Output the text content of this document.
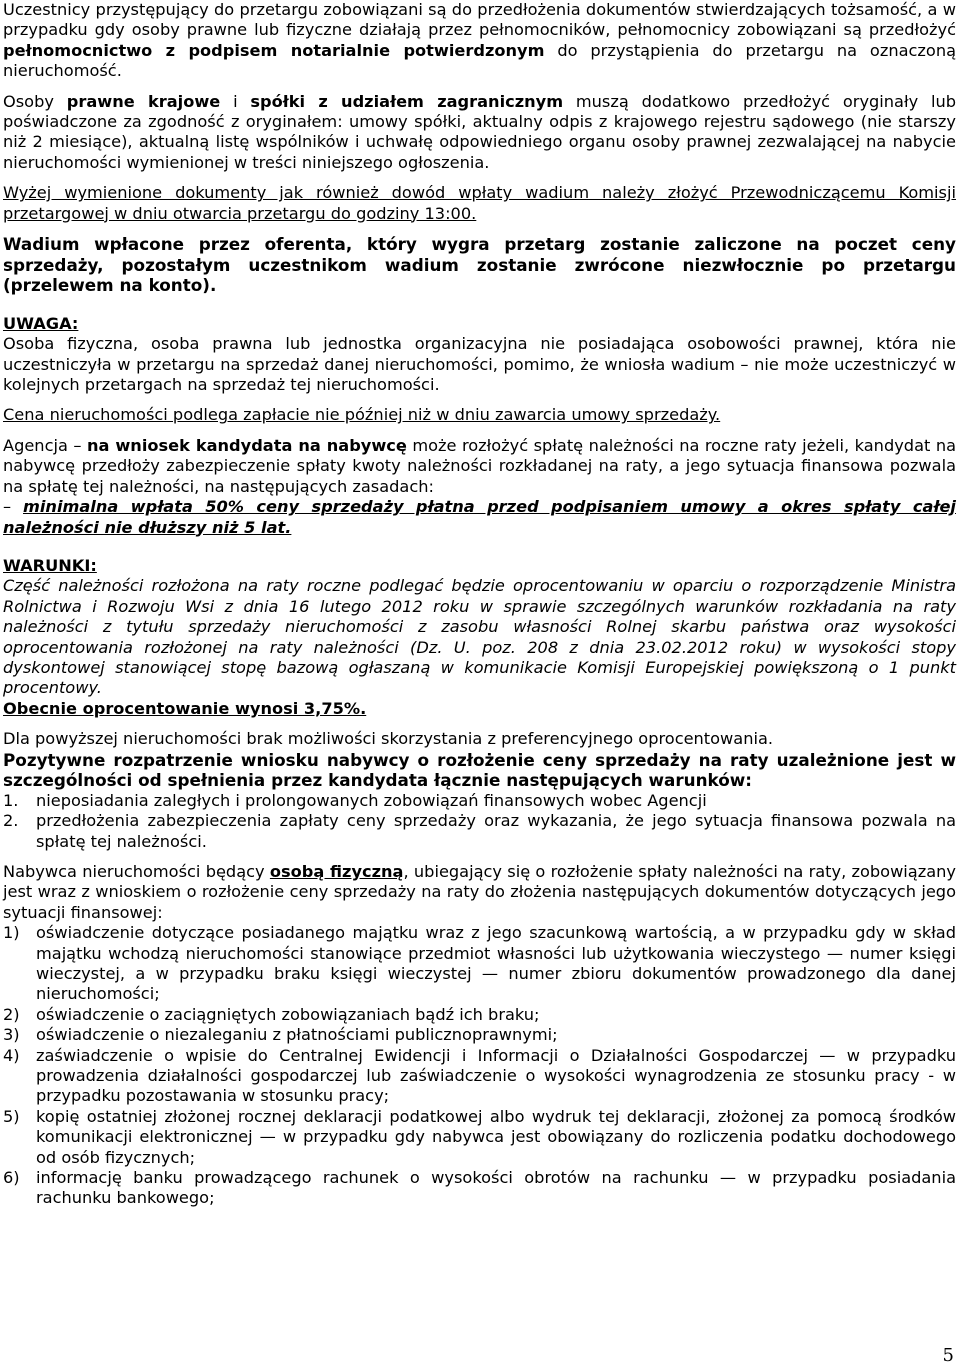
Uczestnicy przystępujący do przetargu zobowiązani są do przedłożenia dokumentów stwierdzających tożsamość, a w przypadku gdy osoby prawne lub fizyczne działają przez pełnomocników, pełnomocnicy zobowiązani są przedłożyć pełnomocnictwo z podpisem notarialnie potwierdzonym do przystąpienia do przetargu na oznaczoną nieruchomość.

Osoby prawne krajowe i spółki z udziałem zagranicznym muszą dodatkowo przedłożyć oryginały lub poświadczone za zgodność z oryginałem: umowy spółki, aktualny odpis z krajowego rejestru sądowego (nie starszy niż 2 miesiące), aktualną listę wspólników i uchwałę odpowiedniego organu osoby prawnej zezwalającej na nabycie nieruchomości wymienionej w treści niniejszego ogłoszenia.

Wyżej wymienione dokumenty jak również dowód wpłaty wadium należy złożyć Przewodniczącemu Komisji przetargowej w dniu otwarcia przetargu do godziny 13:00.

Wadium wpłacone przez oferenta, który wygra przetarg zostanie zaliczone na poczet ceny sprzedaży, pozostałym uczestnikom wadium zostanie zwrócone niezwłocznie po przetargu (przelewem na konto).

UWAGA:

Osoba fizyczna, osoba prawna lub jednostka organizacyjna nie posiadająca osobowości prawnej, która nie uczestniczyła w przetargu na sprzedaż danej nieruchomości, pomimo, że wniosła wadium – nie może uczestniczyć w kolejnych przetargach na sprzedaż tej nieruchomości.

Cena nieruchomości podlega zapłacie nie później niż w dniu zawarcia umowy sprzedaży.

Agencja – na wniosek kandydata na nabywcę może rozłożyć spłatę należności na roczne raty jeżeli, kandydat na nabywcę przedłoży zabezpieczenie spłaty kwoty należności rozkładanej na raty, a jego sytuacja finansowa pozwala na spłatę tej należności, na następujących zasadach:

– minimalna wpłata 50% ceny sprzedaży płatna przed podpisaniem umowy a okres spłaty całej należności nie dłuższy niż 5 lat.

WARUNKI:

Część należności rozłożona na raty roczne podlegać będzie oprocentowaniu w oparciu o rozporządzenie Ministra Rolnictwa i Rozwoju Wsi z dnia 16 lutego 2012 roku w sprawie szczególnych warunków rozkładania na raty należności z tytułu sprzedaży nieruchomości z zasobu własności Rolnej skarbu państwa oraz wysokości oprocentowania rozłożonej na raty należności (Dz. U. poz. 208 z dnia 23.02.2012 roku) w wysokości stopy dyskontowej stanowiącej stopę bazową ogłaszaną w komunikacie Komisji Europejskiej powiększoną o 1 punkt procentowy.

Obecnie oprocentowanie wynosi 3,75%.

Dla powyższej nieruchomości brak możliwości skorzystania z preferencyjnego oprocentowania.

Pozytywne rozpatrzenie wniosku nabywcy o rozłożenie ceny sprzedaży na raty uzależnione jest w szczególności od spełnienia przez kandydata łącznie następujących warunków:

1.	nieposiadania zaległych i prolongowanych zobowiązań finansowych wobec Agencji
2.	przedłożenia zabezpieczenia zapłaty ceny sprzedaży oraz wykazania, że jego sytuacja finansowa pozwala na spłatę tej należności.

Nabywca nieruchomości będący osobą fizyczną, ubiegający się o rozłożenie spłaty należności na raty, zobowiązany jest wraz z wnioskiem o rozłożenie ceny sprzedaży na raty do złożenia następujących dokumentów dotyczących jego sytuacji finansowej:

1)	oświadczenie dotyczące posiadanego majątku wraz z jego szacunkową wartością, a w przypadku gdy w skład majątku wchodzą nieruchomości stanowiące przedmiot własności lub użytkowania wieczystego — numer księgi wieczystej, a w przypadku braku księgi wieczystej — numer zbioru dokumentów prowadzonego dla danej nieruchomości;
2)	oświadczenie o zaciągniętych zobowiązaniach bądź ich braku;
3)	oświadczenie o niezaleganiu z płatnościami publicznoprawnymi;
4)	zaświadczenie o wpisie do Centralnej Ewidencji i Informacji o Działalności Gospodarczej — w przypadku prowadzenia działalności gospodarczej lub zaświadczenie o wysokości wynagrodzenia ze stosunku pracy - w przypadku pozostawania w stosunku pracy;
5)	kopię ostatniej złożonej rocznej deklaracji podatkowej albo wydruk tej deklaracji, złożonej za pomocą środków komunikacji elektronicznej — w przypadku gdy nabywca jest obowiązany do rozliczenia podatku dochodowego od osób fizycznych;
6)	informację banku prowadzącego rachunek o wysokości obrotów na rachunku — w przypadku posiadania rachunku bankowego;
5
